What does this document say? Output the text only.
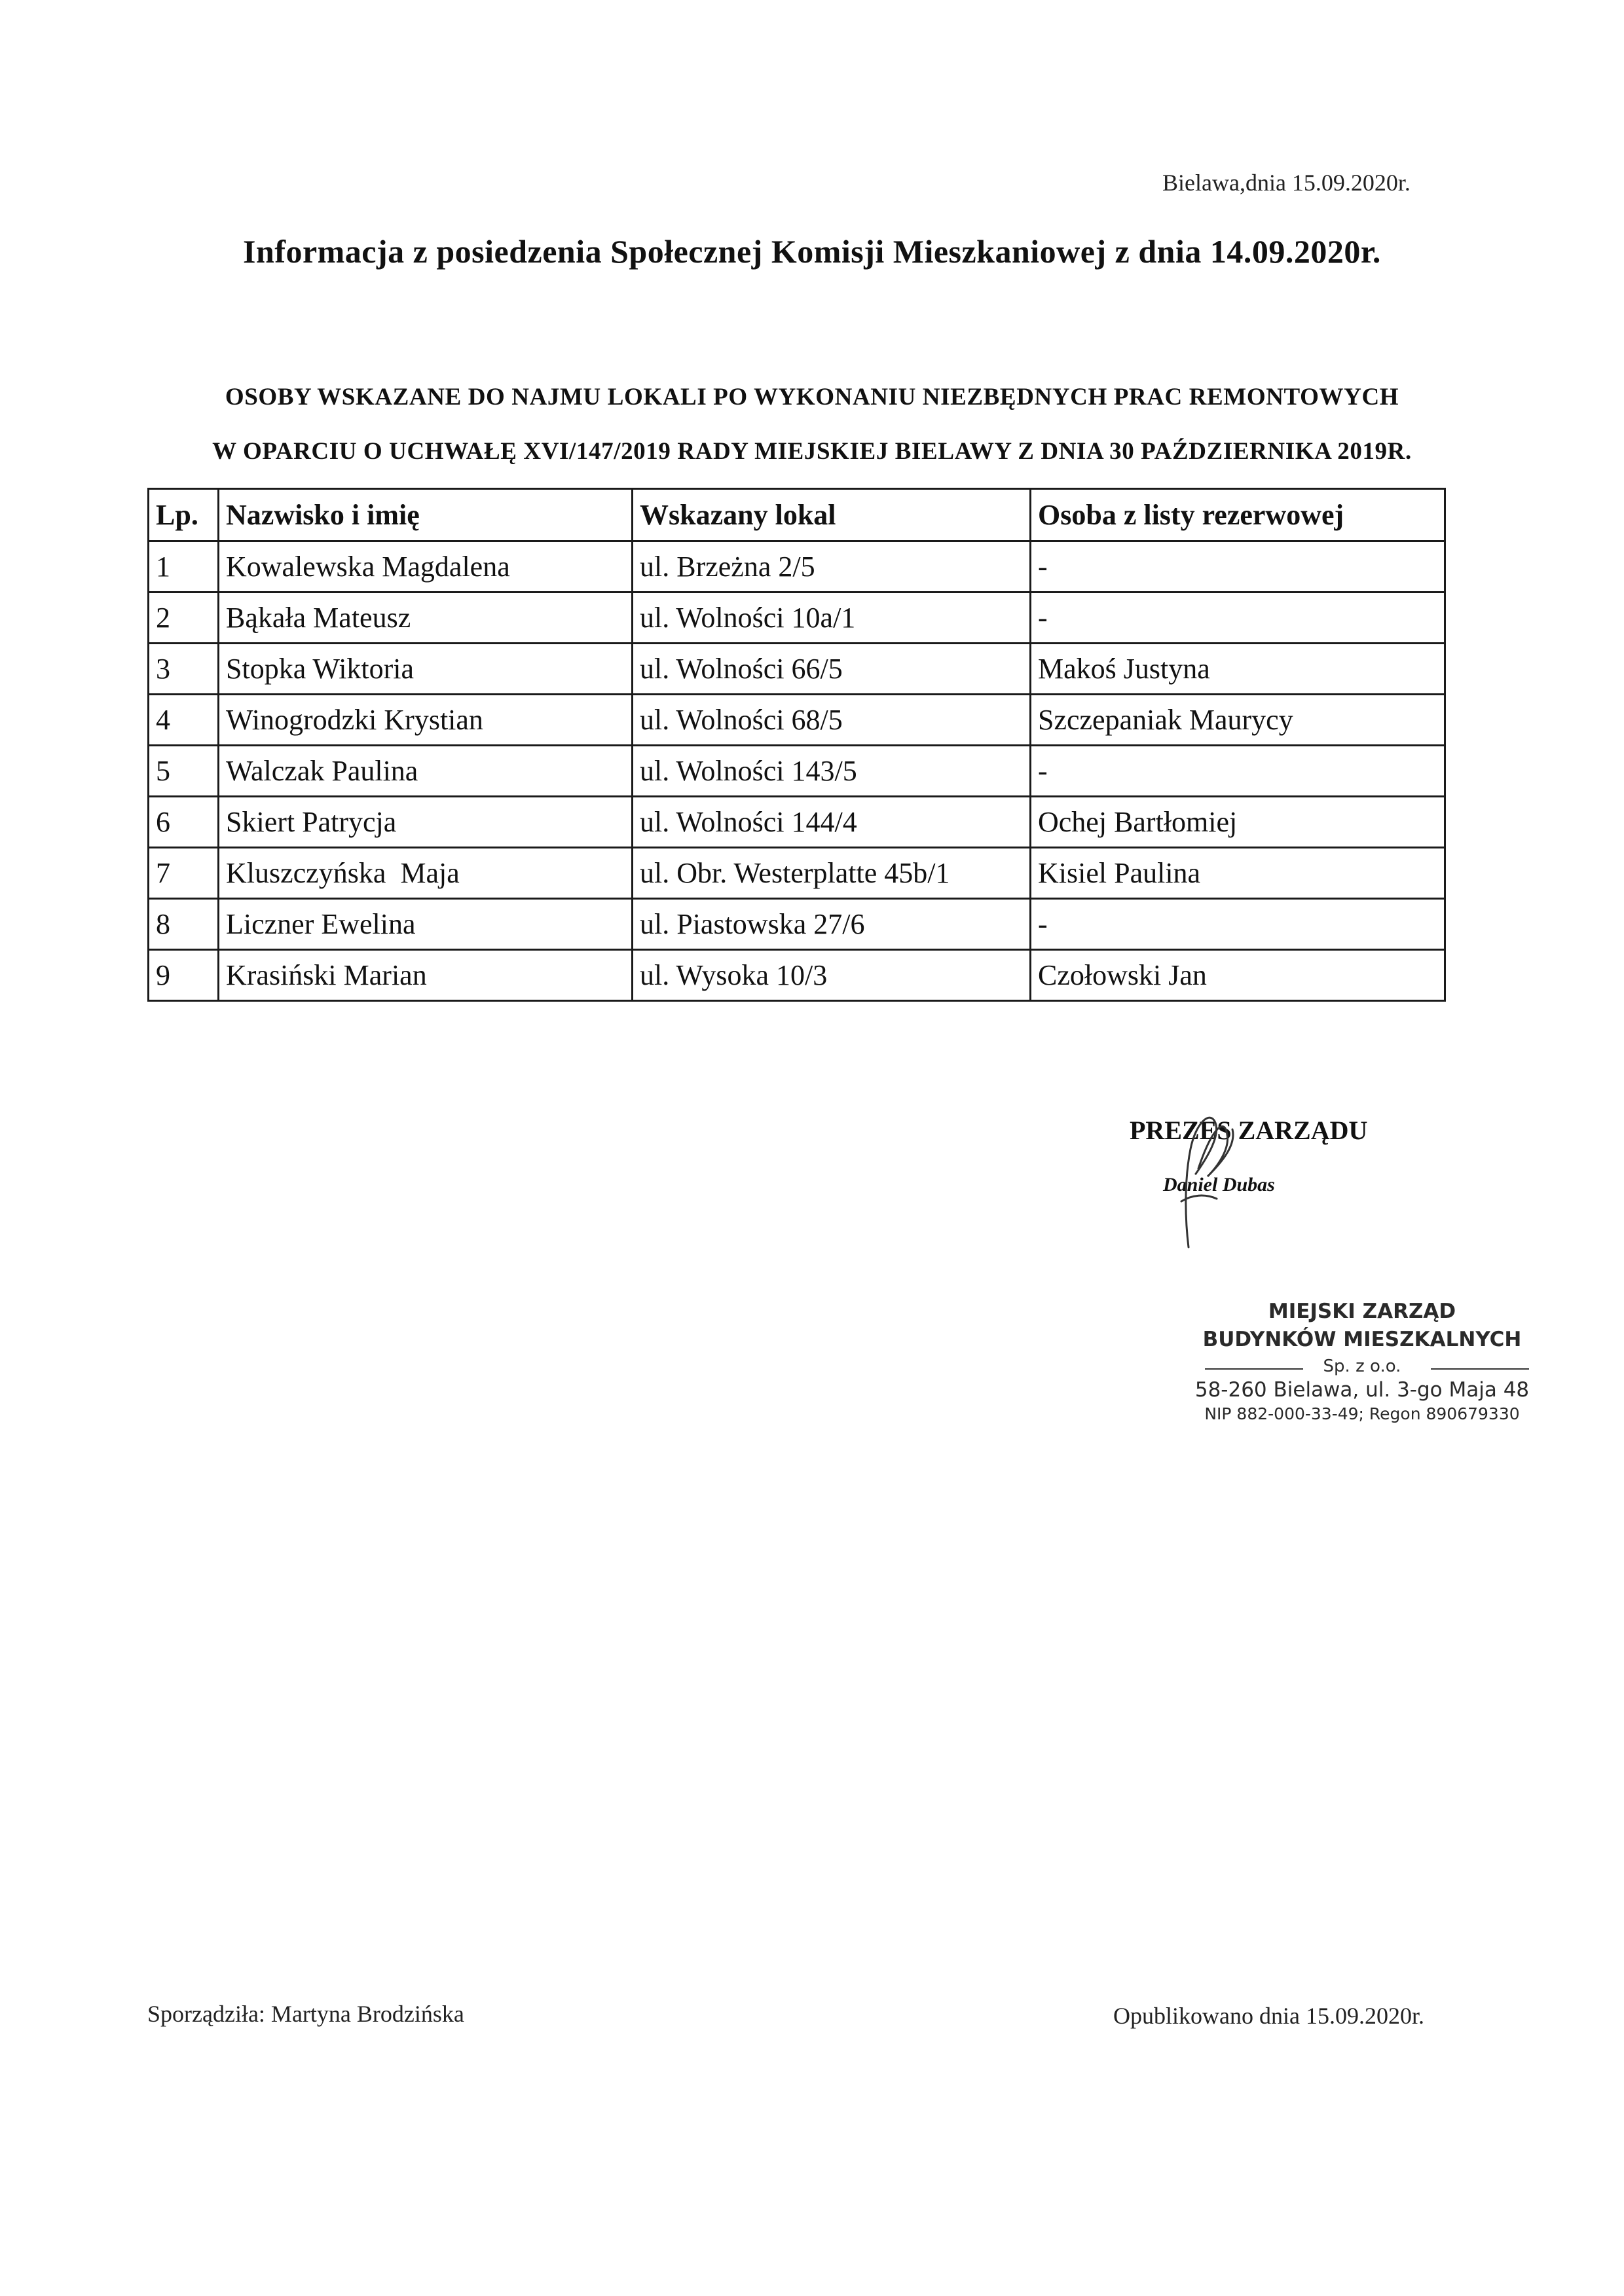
Bielawa,dnia 15.09.2020r.
Informacja z posiedzenia Społecznej Komisji Mieszkaniowej z dnia 14.09.2020r.
OSOBY WSKAZANE DO NAJMU LOKALI PO WYKONANIU NIEZBĘDNYCH PRAC REMONTOWYCH
W OPARCIU O UCHWAŁĘ XVI/147/2019 RADY MIEJSKIEJ BIELAWY Z DNIA 30 PAŹDZIERNIKA 2019R.
Lp.	Nazwisko i imię	Wskazany lokal	Osoba z listy rezerwowej
1	Kowalewska Magdalena	ul. Brzeżna 2/5	-
2	Bąkała Mateusz	ul. Wolności 10a/1	-
3	Stopka Wiktoria	ul. Wolności 66/5	Makoś Justyna
4	Winogrodzki Krystian	ul. Wolności 68/5	Szczepaniak Maurycy
5	Walczak Paulina	ul. Wolności 143/5	-
6	Skiert Patrycja	ul. Wolności 144/4	Ochej Bartłomiej
7	Kluszczyńska  Maja	ul. Obr. Westerplatte 45b/1	Kisiel Paulina
8	Liczner Ewelina	ul. Piastowska 27/6	-
9	Krasiński Marian	ul. Wysoka 10/3	Czołowski Jan
PREZES ZARZĄDU
Daniel Dubas
MIEJSKI ZARZĄD
BUDYNKÓW MIESZKALNYCH
Sp. z o.o.
58-260 Bielawa, ul. 3-go Maja 48
NIP 882-000-33-49; Regon 890679330
Sporządziła: Martyna Brodzińska	Opublikowano dnia 15.09.2020r.
